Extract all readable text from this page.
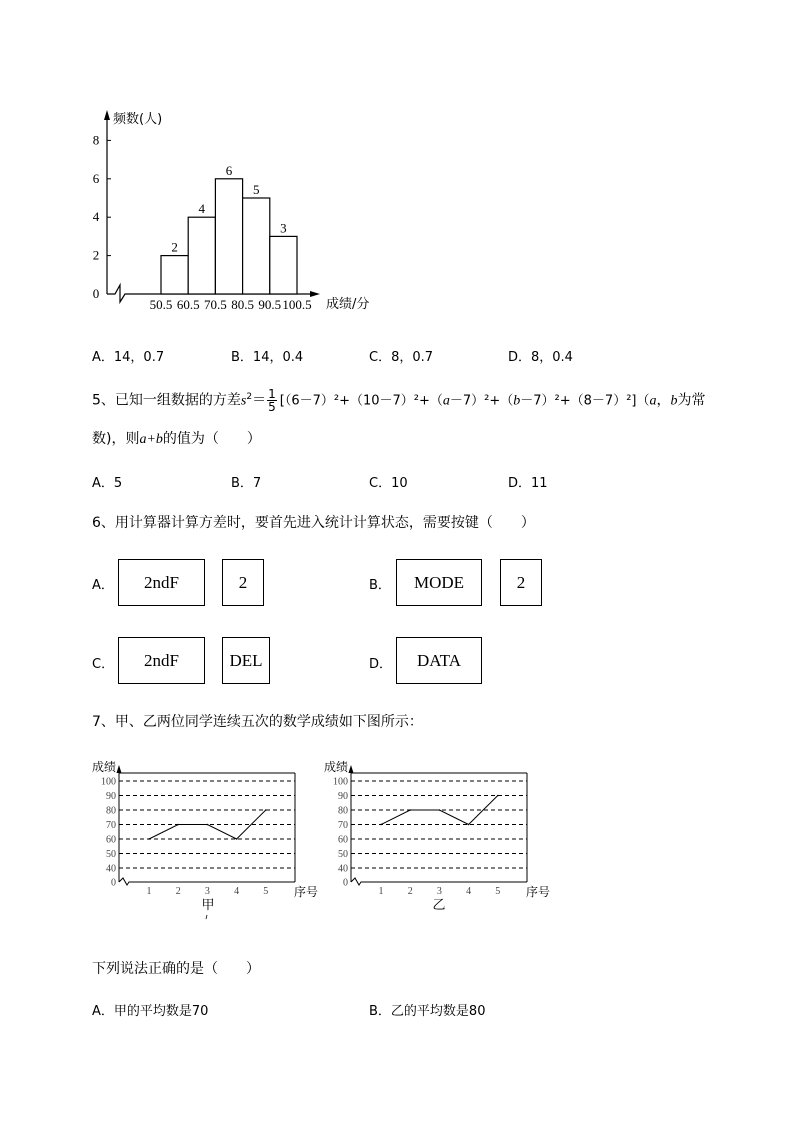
频数(人)
成绩/分
0
2
4
6
8
50.5 60.5 70.5 80.5 90.5 100.5
2
4
6
5
3
A．14，0.7	B．14，0.4	C．8，0.7	D．8，0.4
5、已知一组数据的方差$s^2= \frac{1}{5} [(6-7)^2+(10-7)^2+(a-7)^2+(b-7)^2+(8-7)^2](a$，b为常
数)，则a+b的值为（　　）
A．5	B．7	C．10	D．11
6、用计算器计算方差时，要首先进入统计计算状态，需要按键（　　）
A．	2ndF	2	B．	MODE	2
C．	2ndF	DEL	D．	DATA
7、甲、乙两位同学连续五次的数学成绩如下图所示：
成绩
序号
0
40
50
60
70
80
90
100
1 2 3 4 5
甲
成绩
序号
0
40
50
60
70
80
90
100
1 2 3 4 5
乙
下列说法正确的是（　　）
A．甲的平均数是70	B．乙的平均数是80
